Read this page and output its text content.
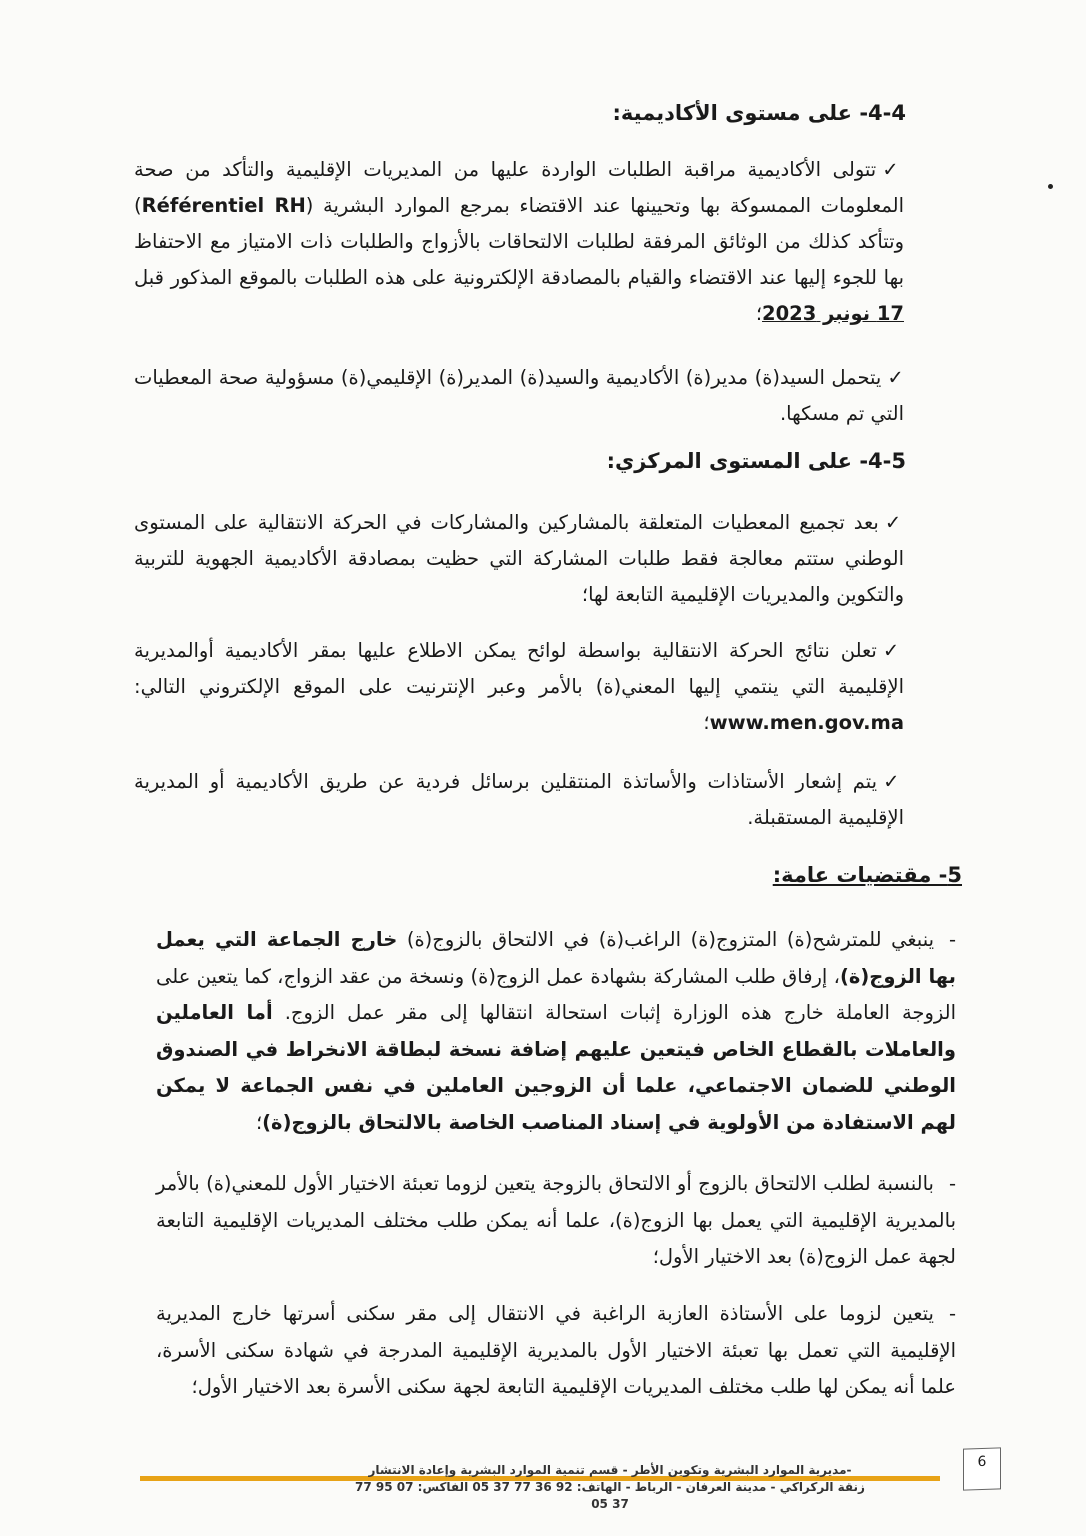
4-4- على مستوى الأكاديمية:
✓تتولى الأكاديمية مراقبة الطلبات الواردة عليها من المديريات الإقليمية والتأكد من صحة المعلومات الممسوكة بها وتحيينها عند الاقتضاء بمرجع الموارد البشرية (Référentiel RH) وتتأكد كذلك من الوثائق المرفقة لطلبات الالتحاقات بالأزواج والطلبات ذات الامتياز مع الاحتفاظ بها للجوء إليها عند الاقتضاء والقيام بالمصادقة الإلكترونية على هذه الطلبات بالموقع المذكور قبل 17 نونبر 2023؛
✓يتحمل السيد(ة) مدير(ة) الأكاديمية والسيد(ة) المدير(ة) الإقليمي(ة) مسؤولية صحة المعطيات التي تم مسكها.
4-5- على المستوى المركزي:
✓بعد تجميع المعطيات المتعلقة بالمشاركين والمشاركات في الحركة الانتقالية على المستوى الوطني ستتم معالجة فقط طلبات المشاركة التي حظيت بمصادقة الأكاديمية الجهوية للتربية والتكوين والمديريات الإقليمية التابعة لها؛
✓تعلن نتائج الحركة الانتقالية بواسطة لوائح يمكن الاطلاع عليها بمقر الأكاديمية أوالمديرية الإقليمية التي ينتمي إليها المعني(ة) بالأمر وعبر الإنترنيت على الموقع الإلكتروني التالي: www.men.gov.ma؛
✓يتم إشعار الأستاذات والأساتذة المنتقلين برسائل فردية عن طريق الأكاديمية أو المديرية الإقليمية المستقبلة.
5- مقتضيات عامة:
-ينبغي للمترشح(ة) المتزوج(ة) الراغب(ة) في الالتحاق بالزوج(ة) خارج الجماعة التي يعمل بها الزوج(ة)، إرفاق طلب المشاركة بشهادة عمل الزوج(ة) ونسخة من عقد الزواج، كما يتعين على الزوجة العاملة خارج هذه الوزارة إثبات استحالة انتقالها إلى مقر عمل الزوج. أما العاملين والعاملات بالقطاع الخاص فيتعين عليهم إضافة نسخة لبطاقة الانخراط في الصندوق الوطني للضمان الاجتماعي، علما أن الزوجين العاملين في نفس الجماعة لا يمكن لهم الاستفادة من الأولوية في إسناد المناصب الخاصة بالالتحاق بالزوج(ة)؛
-بالنسبة لطلب الالتحاق بالزوج أو الالتحاق بالزوجة يتعين لزوما تعبئة الاختيار الأول للمعني(ة) بالأمر بالمديرية الإقليمية التي يعمل بها الزوج(ة)، علما أنه يمكن طلب مختلف المديريات الإقليمية التابعة لجهة عمل الزوج(ة) بعد الاختيار الأول؛
-يتعين لزوما على الأستاذة العازبة الراغبة في الانتقال إلى مقر سكنى أسرتها خارج المديرية الإقليمية التي تعمل بها تعبئة الاختيار الأول بالمديرية الإقليمية المدرجة في شهادة سكنى الأسرة، علما أنه يمكن لها طلب مختلف المديريات الإقليمية التابعة لجهة سكنى الأسرة بعد الاختيار الأول؛
مديرية الموارد البشرية وتكوين الأطر - قسم تنمية الموارد البشرية وإعادة الانتشار-
زنقة الركراكي - مدينة العرفان - الرباط - الهاتف: 92 36 77 37 05 الفاكس: 07 95 77 37 05
6
